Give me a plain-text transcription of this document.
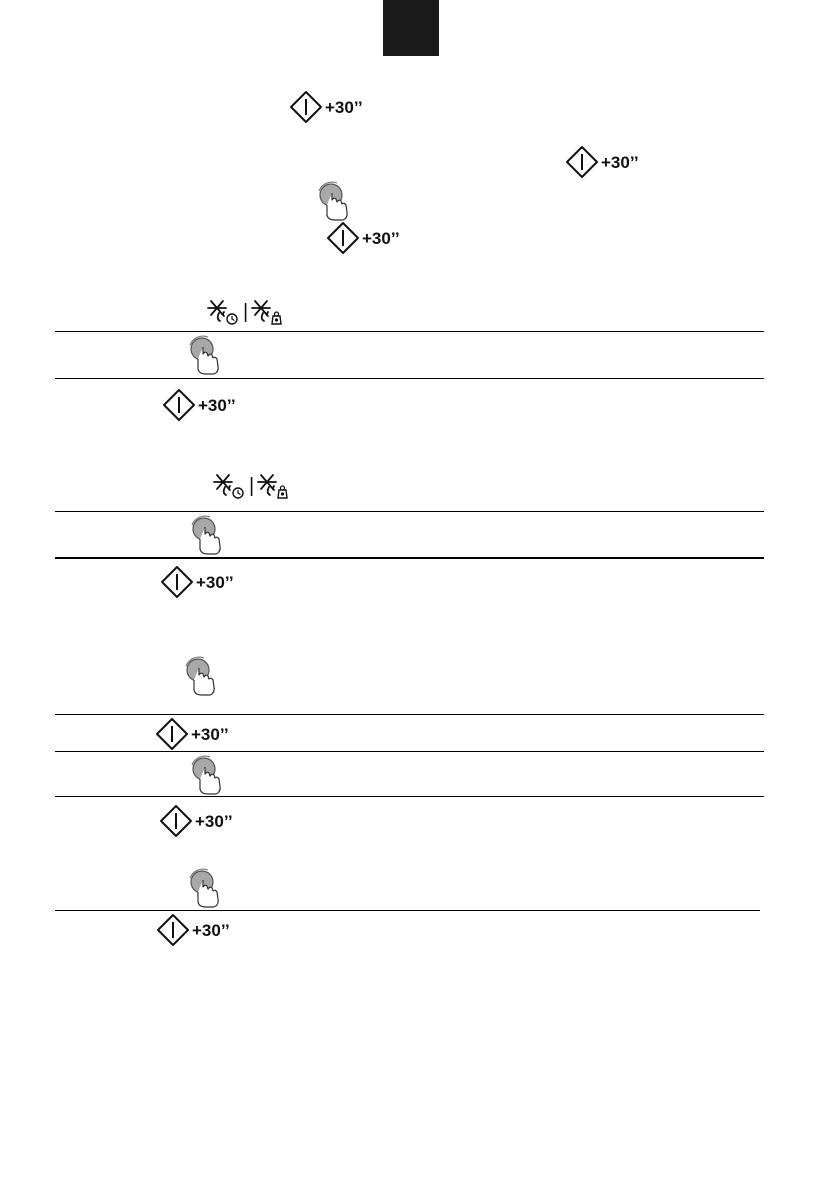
+30’’
+30’’
+30’’
|
+30’’
|
+30’’
+30’’
+30’’
+30’’
